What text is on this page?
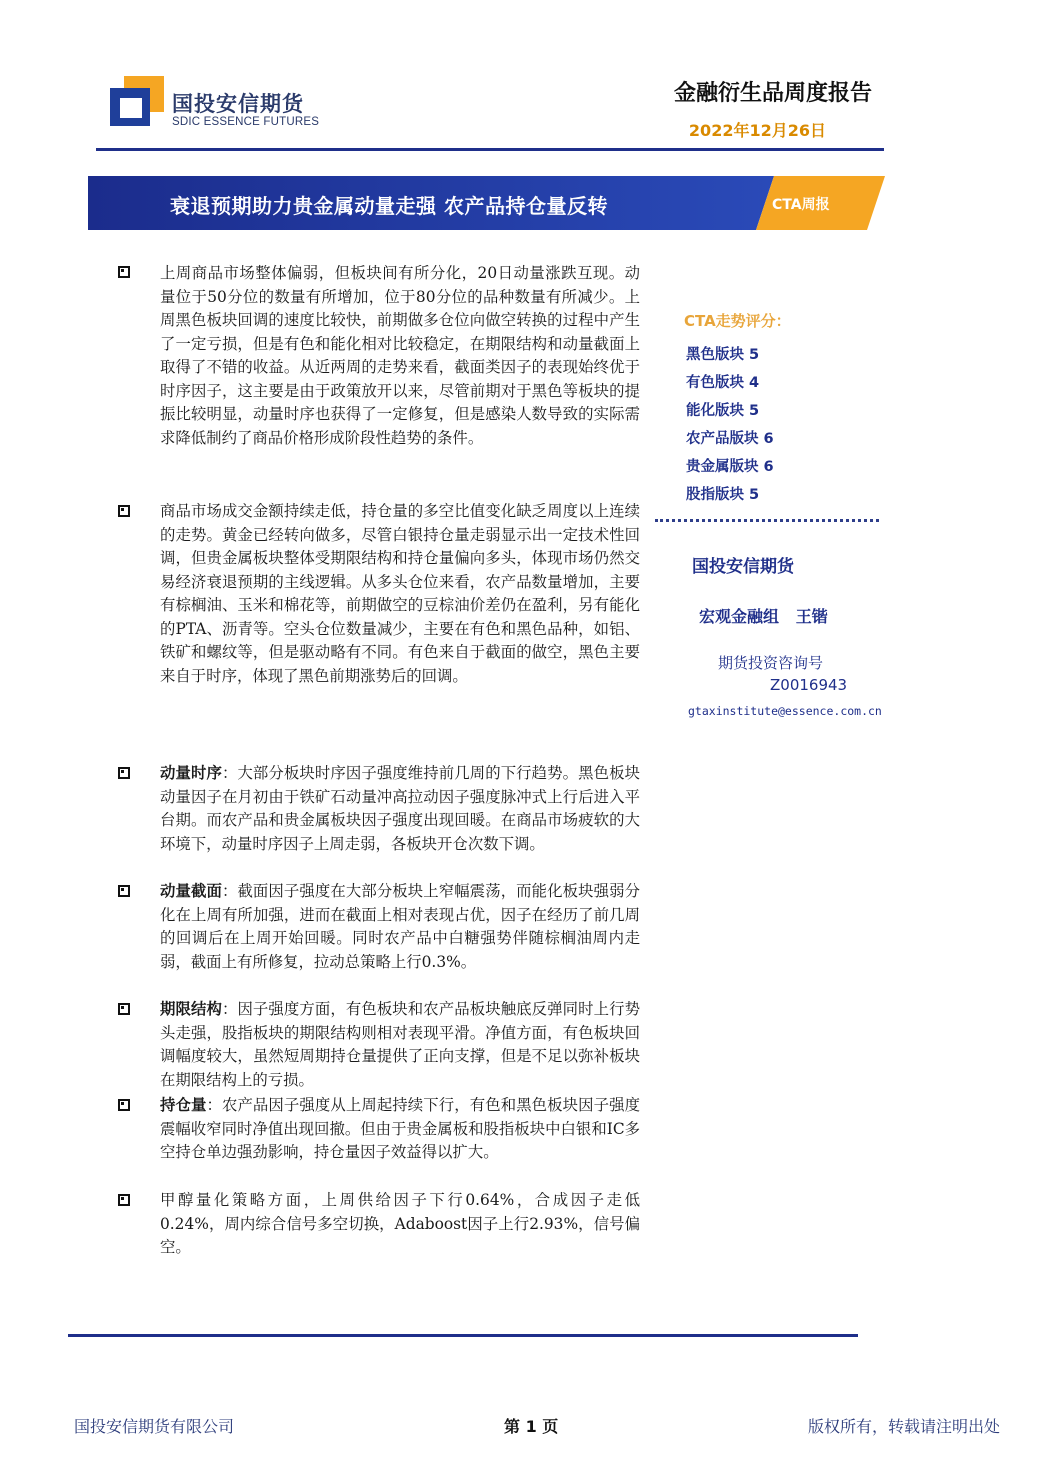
国投安信期货
SDIC ESSENCE FUTURES
金融衍生品周度报告
2022年12月26日
衰退预期助力贵金属动量走强 农产品持仓量反转	CTA周报

上周商品市场整体偏弱，但板块间有所分化，20日动量涨跌互现。动量位于50分位的数量有所增加，位于80分位的品种数量有所减少。上周黑色板块回调的速度比较快，前期做多仓位向做空转换的过程中产生了一定亏损，但是有色和能化相对比较稳定，在期限结构和动量截面上取得了不错的收益。从近两周的走势来看，截面类因子的表现始终优于时序因子，这主要是由于政策放开以来，尽管前期对于黑色等板块的提振比较明显，动量时序也获得了一定修复，但是感染人数导致的实际需求降低制约了商品价格形成阶段性趋势的条件。

商品市场成交金额持续走低，持仓量的多空比值变化缺乏周度以上连续的走势。黄金已经转向做多，尽管白银持仓量走弱显示出一定技术性回调，但贵金属板块整体受期限结构和持仓量偏向多头，体现市场仍然交易经济衰退预期的主线逻辑。从多头仓位来看，农产品数量增加，主要有棕榈油、玉米和棉花等，前期做空的豆棕油价差仍在盈利，另有能化的PTA、沥青等。空头仓位数量减少，主要在有色和黑色品种，如铝、铁矿和螺纹等，但是驱动略有不同。有色来自于截面的做空，黑色主要来自于时序，体现了黑色前期涨势后的回调。

动量时序：大部分板块时序因子强度维持前几周的下行趋势。黑色板块动量因子在月初由于铁矿石动量冲高拉动因子强度脉冲式上行后进入平台期。而农产品和贵金属板块因子强度出现回暖。在商品市场疲软的大环境下，动量时序因子上周走弱，各板块开仓次数下调。

动量截面：截面因子强度在大部分板块上窄幅震荡，而能化板块强弱分化在上周有所加强，进而在截面上相对表现占优，因子在经历了前几周的回调后在上周开始回暖。同时农产品中白糖强势伴随棕榈油周内走弱，截面上有所修复，拉动总策略上行0.3%。

期限结构：因子强度方面，有色板块和农产品板块触底反弹同时上行势头走强，股指板块的期限结构则相对表现平滑。净值方面，有色板块回调幅度较大，虽然短周期持仓量提供了正向支撑，但是不足以弥补板块在期限结构上的亏损。

持仓量：农产品因子强度从上周起持续下行，有色和黑色板块因子强度震幅收窄同时净值出现回撤。但由于贵金属板和股指板块中白银和IC多空持仓单边强劲影响，持仓量因子效益得以扩大。

甲醇量化策略方面，上周供给因子下行0.64%，合成因子走低0.24%，周内综合信号多空切换，Adaboost因子上行2.93%，信号偏空。

CTA走势评分：
黑色版块 5
有色版块 4
能化版块 5
农产品版块 6
贵金属版块 6
股指版块 5
国投安信期货
宏观金融组   王锴
期货投资咨询号
Z0016943
gtaxinstitute@essence.com.cn
国投安信期货有限公司	第 1 页	版权所有，转载请注明出处
